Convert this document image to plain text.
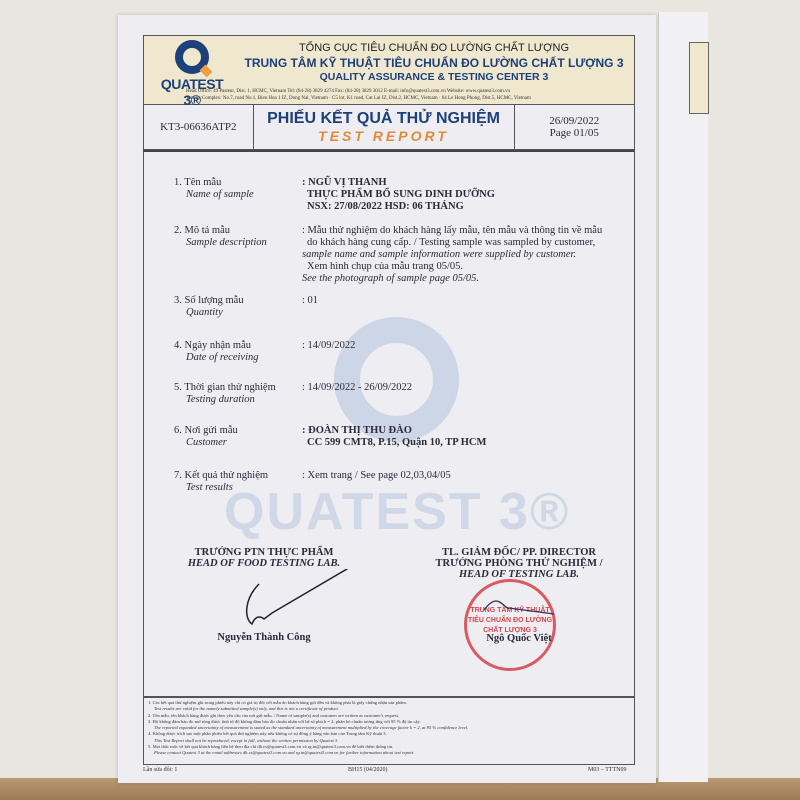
QUATEST 3®
TỔNG CỤC TIÊU CHUẨN ĐO LƯỜNG CHẤT LƯỢNG
TRUNG TÂM KỸ THUẬT TIÊU CHUẨN ĐO LƯỜNG CHẤT LƯỢNG 3
QUALITY ASSURANCE & TESTING CENTER 3
Head Office: 49 Pasteur, Dist. 1, HCMC, Vietnam Tel: (84-28) 3829 4274 Fax: (84-28) 3829 3012 E-mail: info@quatest3.com.vn Website: www.quatest3.com.vn
Testing Complex: No.7, road No.1, Bien Hoa 1 IZ, Dong Nai, Vietnam · C5 lot, K1 road, Cat Lai IZ, Dist.2, HCMC, Vietnam · 64 Le Hong Phong, Dist.5, HCMC, Vietnam
KT3-06636ATP2	PHIẾU KẾT QUẢ THỬ NGHIỆM
TEST REPORT
26/09/2022
Page 01/05
QUATEST 3®
1. Tên mẫu
Name of sample
: NGŨ VỊ THANH
THỰC PHẨM BỔ SUNG DINH DƯỠNG
NSX: 27/08/2022 HSD: 06 THÁNG
2. Mô tả mẫu
Sample description
: Mẫu thử nghiệm do khách hàng lấy mẫu, tên mẫu và thông tin về mẫu
do khách hàng cung cấp. / Testing sample was sampled by customer,
sample name and sample information were supplied by customer.
Xem hình chụp của mẫu trang 05/05.
See the photograph of sample page 05/05.
3. Số lượng mẫu
Quantity
: 01
4. Ngày nhận mẫu
Date of receiving
: 14/09/2022
5. Thời gian thử nghiệm
Testing duration
: 14/09/2022 - 26/09/2022
6. Nơi gửi mẫu
Customer
: ĐOÀN THỊ THU ĐÀO
CC 599 CMT8, P.15, Quận 10, TP HCM
7. Kết quả thử nghiệm
Test results
: Xem trang / See page 02,03,04/05
TRƯỞNG PTN THỰC PHẨM
HEAD OF FOOD TESTING LAB.
Nguyễn Thành Công
TRUNG TÂM KỸ THUẬT TIÊU CHUẨN ĐO LƯỜNG CHẤT LƯỢNG 3
TL. GIÁM ĐỐC/ PP. DIRECTOR
TRƯỞNG PHÒNG THỬ NGHIỆM /
HEAD OF TESTING LAB.
Ngô Quốc Việt
1. Các kết quả thử nghiệm ghi trong phiếu này chỉ có giá trị đối với mẫu do khách hàng gửi đến và không phải là giấy chứng nhận sản phẩm.
Test results are valid for the namely submitted sample(s) only, and this is not a certificate of product.
2. Tên mẫu, tên khách hàng được ghi theo yêu cầu của nơi gửi mẫu. / Name of sample(s) and customer are written as customer's request.
3. Độ không đảm bảo đo mở rộng được tính từ độ không đảm bảo đo chuẩn nhân với hệ số phủ k = 2, phân bố chuẩn tương ứng với 95 % độ tin cậy.
The reported expanded uncertainty of measurement is stated as the standard uncertainty of measurement multiplied by the coverage factor k = 2, at 95 % confidence level.
4. Không được trích sao một phần phiếu kết quả thử nghiệm này nếu không có sự đồng ý bằng văn bản của Trung tâm Kỹ thuật 3.
This Test Report shall not be reproduced, except in full, without the written permission by Quatest 3.
5. Mọi thắc mắc về kết quả khách hàng liên hệ theo địa chỉ dh.cs@quatest3.com.vn và rg.tn@quatest3.com.vn để biết thêm thông tin.
Please contact Quatest 3 at the email addresses dh.cs@quatest3.com.vn and rg.tn@quatest3.com.vn for further information about test report.
Lần sửa đổi: 1	BH15 (04/2020)	M03 – TTTN09
